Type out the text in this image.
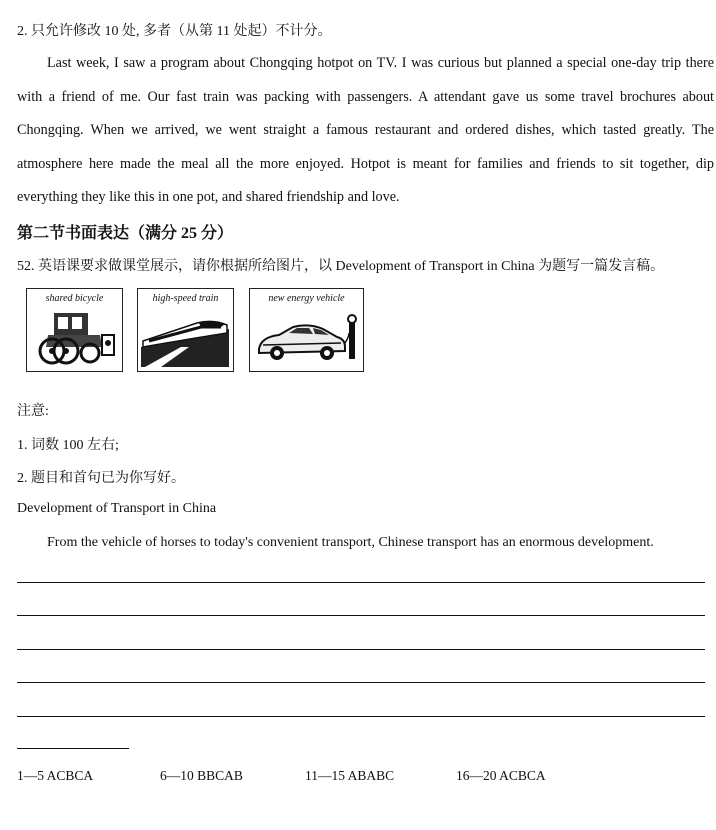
2. 只允许修改 10 处, 多者（从第 11 处起）不计分。
Last week, I saw a program about Chongqing hotpot on TV. I was curious but planned a special one-day trip there with a friend of me. Our fast train was packing with passengers. A attendant gave us some travel brochures about Chongqing. When we arrived, we went straight a famous restaurant and ordered dishes, which tasted greatly. The atmosphere here made the meal all the more enjoyed. Hotpot is meant for families and friends to sit together, dip everything they like this in one pot, and shared friendship and love.
第二节书面表达（满分 25 分）
52. 英语课要求做课堂展示，请你根据所给图片，以 Development of Transport in China 为题写一篇发言稿。
shared bicycle	high-speed train	new energy vehicle
注意:
1. 词数 100 左右;
2. 题目和首句已为你写好。
Development of Transport in China
From the vehicle of horses to today's convenient transport, Chinese transport has an enormous development.
1—5 ACBCA	6—10 BBCAB	11—15 ABABC	16—20 ACBCA
